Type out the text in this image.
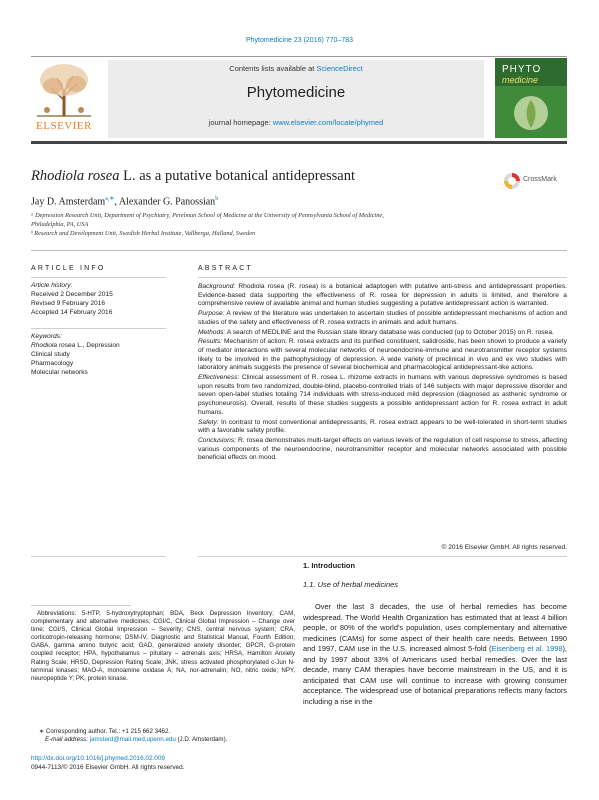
Phytomedicine 23 (2016) 770–783
ELSEVIER
Contents lists available at ScienceDirect
Phytomedicine
journal homepage: www.elsevier.com/locate/phymed
PHYTO
medicine
Rhodiola rosea L. as a putative botanical antidepressant	CrossMark
Jay D. Amsterdam$^{a,∗}$, Alexander G. Panossian$^b$
ᵃ Depression Research Unit, Department of Psychiatry, Perelman School of Medicine at the University of Pennsylvania School of Medicine,
Philadelphia, PA, USA
ᵇ Research and Development Unit, Swedish Herbal Institute, Vallberga, Halland, Sweden
ARTICLE INFO
Article history:
Received 2 December 2015
Revised 9 February 2016
Accepted 14 February 2016
Keywords:
Rhodiola rosea L., Depression
Clinical study
Pharmacology
Molecular networks
ABSTRACT

Background: Rhodiola rosea (R. rosea) is a botanical adaptogen with putative anti-stress and antidepressant properties. Evidence-based data supporting the effectiveness of R. rosea for depression in adults is limited, and therefore a comprehensive review of available animal and human studies suggesting a putative antidepressant action is warranted.

Purpose: A review of the literature was undertaken to ascertain studies of possible antidepressant mechanisms of action and studies of the safety and effectiveness of R. rosea extracts in animals and adult humans.

Methods: A search of MEDLINE and the Russian state library database was conducted (up to October 2015) on R. rosea.

Results: Mechanism of action: R. rosea extracts and its purified constituent, salidroside, has been shown to produce a variety of mediator interactions with several molecular networks of neuroendocrine-immune and neurotransmitter receptor systems likely to be involved in the pathophysiology of depression. A wide variety of preclinical in vivo and ex vivo studies with laboratory animals suggests the presence of several biochemical and pharmacological antidepressant-like actions.

Effectiveness: Clinical assessment of R. rosea L. rhizome extracts in humans with various depressive syndromes is based upon results from two randomized, double-blind, placebo-controlled trials of 146 subjects with major depressive disorder and seven open-label studies totaling 714 individuals with stress-induced mild depression (diagnosed as asthenic syndrome or psychoneurosis). Overall, results of these studies suggests a possible antidepressant action for R. rosea extract in adult humans.

Safety: In contrast to most conventional antidepressants, R. rosea extract appears to be well-tolerated in short-term studies with a favorable safety profile.

Conclusions: R. rosea demonstrates multi-target effects on various levels of the regulation of cell response to stress, affecting various components of the neuroendocrine, neurotransmitter receptor and molecular networks associated with possible beneficial effects on mood.

© 2016 Elsevier GmbH. All rights reserved.
1. Introduction
1.1. Use of herbal medicines

Over the last 3 decades, the use of herbal remedies has become widespread. The World Health Organization has estimated that at least 4 billion people, or 80% of the world's population, uses complementary and alternative medicines (CAMs) for some aspect of their health care needs. Between 1990 and 1997, CAM use in the U.S. increased almost 5-fold (Eisenberg et al. 1998), and by 1997 about 33% of Americans used herbal remedies. Over the last decade, many CAM therapies have become mainstream in the US, and it is anticipated that CAM use will continue to increase with growing consumer acceptance. The widespread use of botanical preparations reflects many factors including a rise in the

Abbreviations: 5-HTP, 5-hydroxytryptophan; BDA, Beck Depression Inventory; CAM, complementary and alternative medicines; CGI/C, Clinical Global Impression – Change over time; CGI/S, Clinical Global Impression – Severity; CNS, central nervous system; CRA, corticotropin-releasing hormone; DSM-IV, Diagnostic and Statistical Manual, Fourth Edition; GABA, gamma amino butyric acid; GAD, generalized anxiety disorder; GPCR, G-protein coupled receptor; HPA, hypothalamus – pituitary – adrenals axis; HRSA, Hamilton Anxiety Rating Scale; HRSD, Depression Rating Scale; JNK, stress activated phosphorylated c-Jun N-terminal kinases; MAO-A, monoamine oxidase A; NA, nor-adrenalin; NO, nitric oxide; NPY, neuropeptide Y; PK, protein kinase.

∗ Corresponding author. Tel.: +1 215 662 3462.
E-mail address: jamsterd@mail.med.upenn.edu (J.D. Amsterdam).
http://dx.doi.org/10.1016/j.phymed.2016.02.009
0944-7113/© 2016 Elsevier GmbH. All rights reserved.
